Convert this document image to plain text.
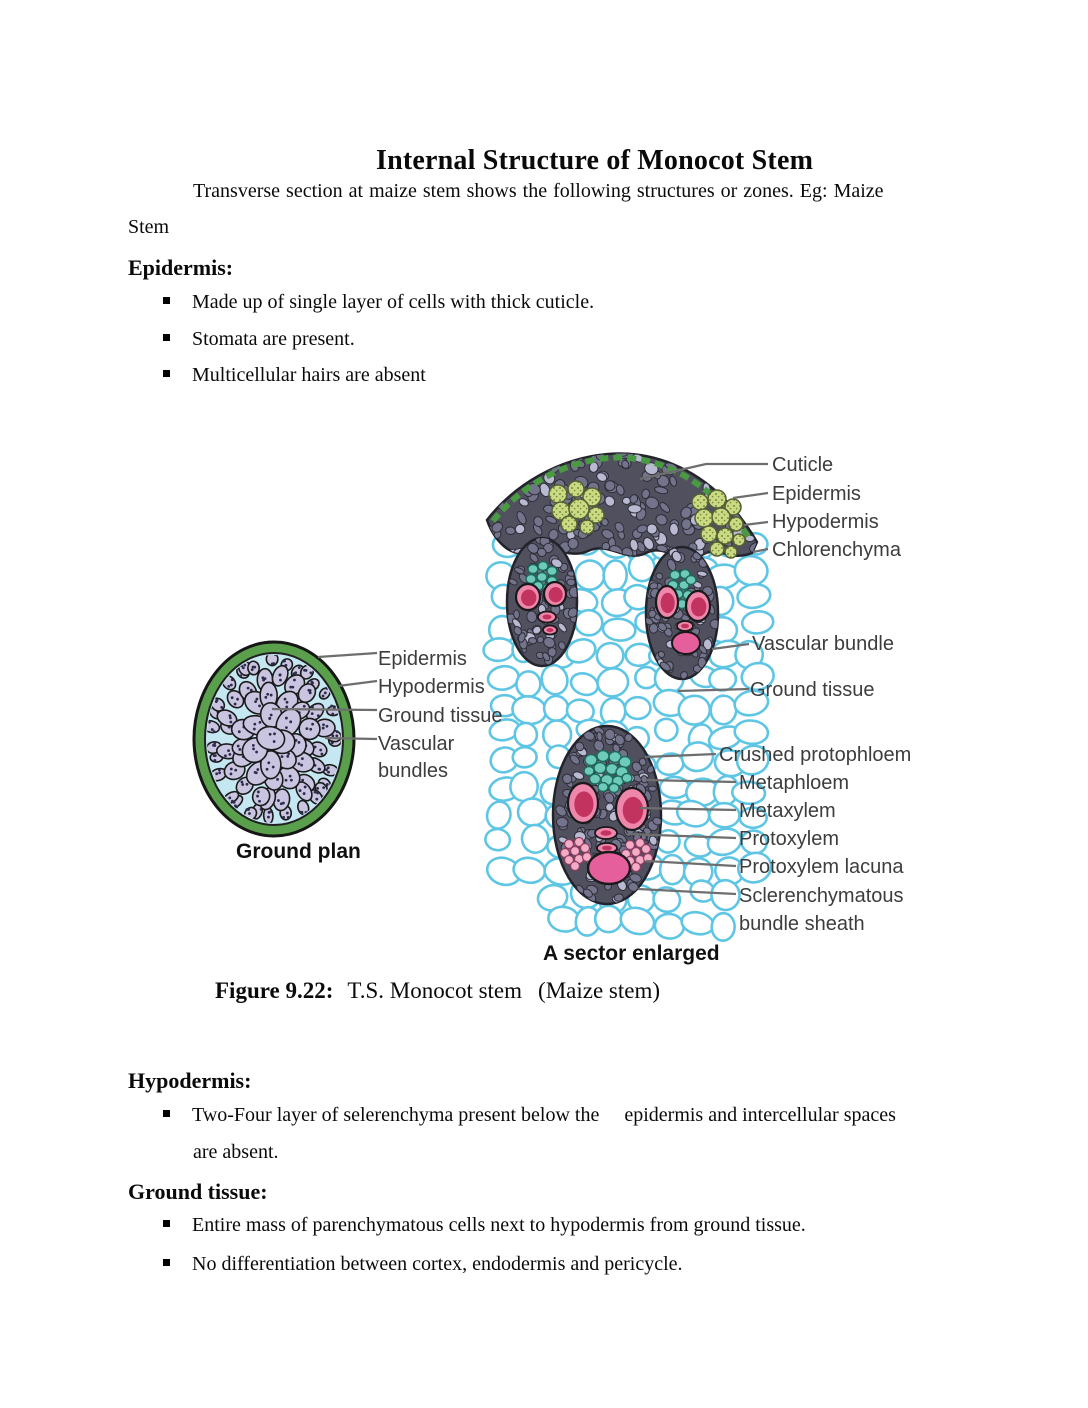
Internal Structure of Monocot Stem
Transverse section at maize stem shows the following structures or zones. Eg: Maize
Stem
Epidermis:
Made up of single layer of cells with thick cuticle.
Stomata are present.
Multicellular hairs are absent
Epidermis
Hypodermis
Ground tissue
Vascular bundles
Ground plan
Cuticle
Epidermis
Hypodermis
Chlorenchyma
Vascular bundle
Ground tissue
Crushed protophloem
Metaphloem
Metaxylem
Protoxylem
Protoxylem lacuna
Sclerenchymatous bundle sheath
A sector enlarged
Figure 9.22: T.S. Monocot stem (Maize stem)
Hypodermis:
Two-Four layer of selerenchyma present below the     epidermis and intercellular spaces
are absent.
Ground tissue:
Entire mass of parenchymatous cells next to hypodermis from ground tissue.
No differentiation between cortex, endodermis and pericycle.
